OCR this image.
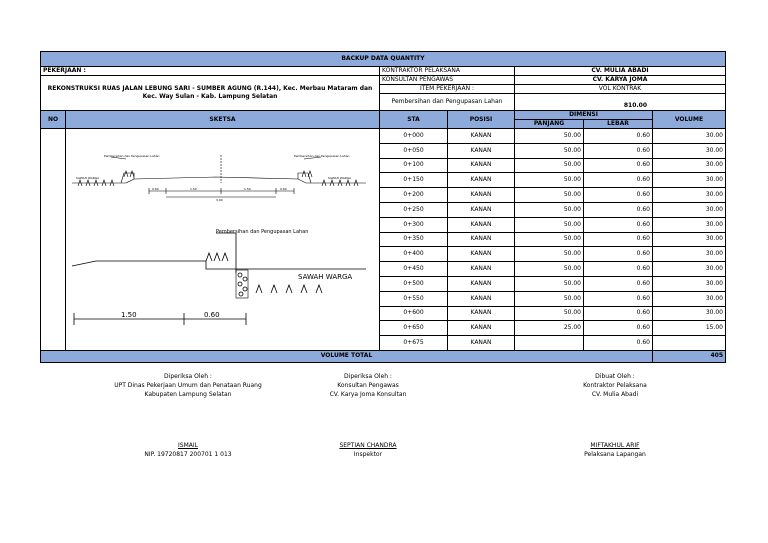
BACKUP DATA QUANTITY						
PEKERJAAN :		KONTRAKTOR PELAKSANA		CV. MULIA ABADI		
REKONSTRUKSI RUAS JALAN LEBUNG SARI - SUMBER AGUNG (R.144), Kec. Merbau Mataram dan Kec. Way Sulan - Kab. Lampung Selatan		KONSULTAN PENGAWAS		CV. KARYA JOMA		
		ITEM PEKERJAAN :		VOL KONTRAK		
		Pembersihan dan Pengupasan Lahan		810.00		
NO	SKETSA	STA	POSISI	DIMENSI		VOLUME
				PANJANG	LEBAR	
		0+000	KANAN	50.00	0.60	30.00
		0+050	KANAN	50.00	0.60	30.00
		0+100	KANAN	50.00	0.60	30.00
		0+150	KANAN	50.00	0.60	30.00
		0+200	KANAN	50.00	0.60	30.00
		0+250	KANAN	50.00	0.60	30.00
		0+300	KANAN	50.00	0.60	30.00
		0+350	KANAN	50.00	0.60	30.00
		0+400	KANAN	50.00	0.60	30.00
		0+450	KANAN	50.00	0.60	30.00
		0+500	KANAN	50.00	0.60	30.00
		0+550	KANAN	50.00	0.60	30.00
		0+600	KANAN	50.00	0.60	30.00
		0+650	KANAN	25.00	0.60	15.00
		0+675	KANAN		0.60	
VOLUME TOTAL						405
Pembersihan dan Pengupasan Lahan	Pembersihan dan Pengupasan Lahan
SAWAH WARGA	SAWAH WARGA
0.60	1.50	1.50	0.60
3.00
Pembersihan dan Pengupasan Lahan
SAWAH WARGA
1.50	0.60
Diperiksa Oleh :
UPT Dinas Pekerjaan Umum dan Penataan Ruang
Kabupaten Lampung Selatan
ISMAIL
NIP. 19720817 200701 1 013
Diperiksa Oleh :
Konsultan Pengawas
CV. Karya Joma Konsultan
SEPTIAN CHANDRA
Inspektor
Dibuat Oleh :
Kontraktor Pelaksana
CV. Mulia Abadi
MIFTAKHUL ARIF
Pelaksana Lapangan
